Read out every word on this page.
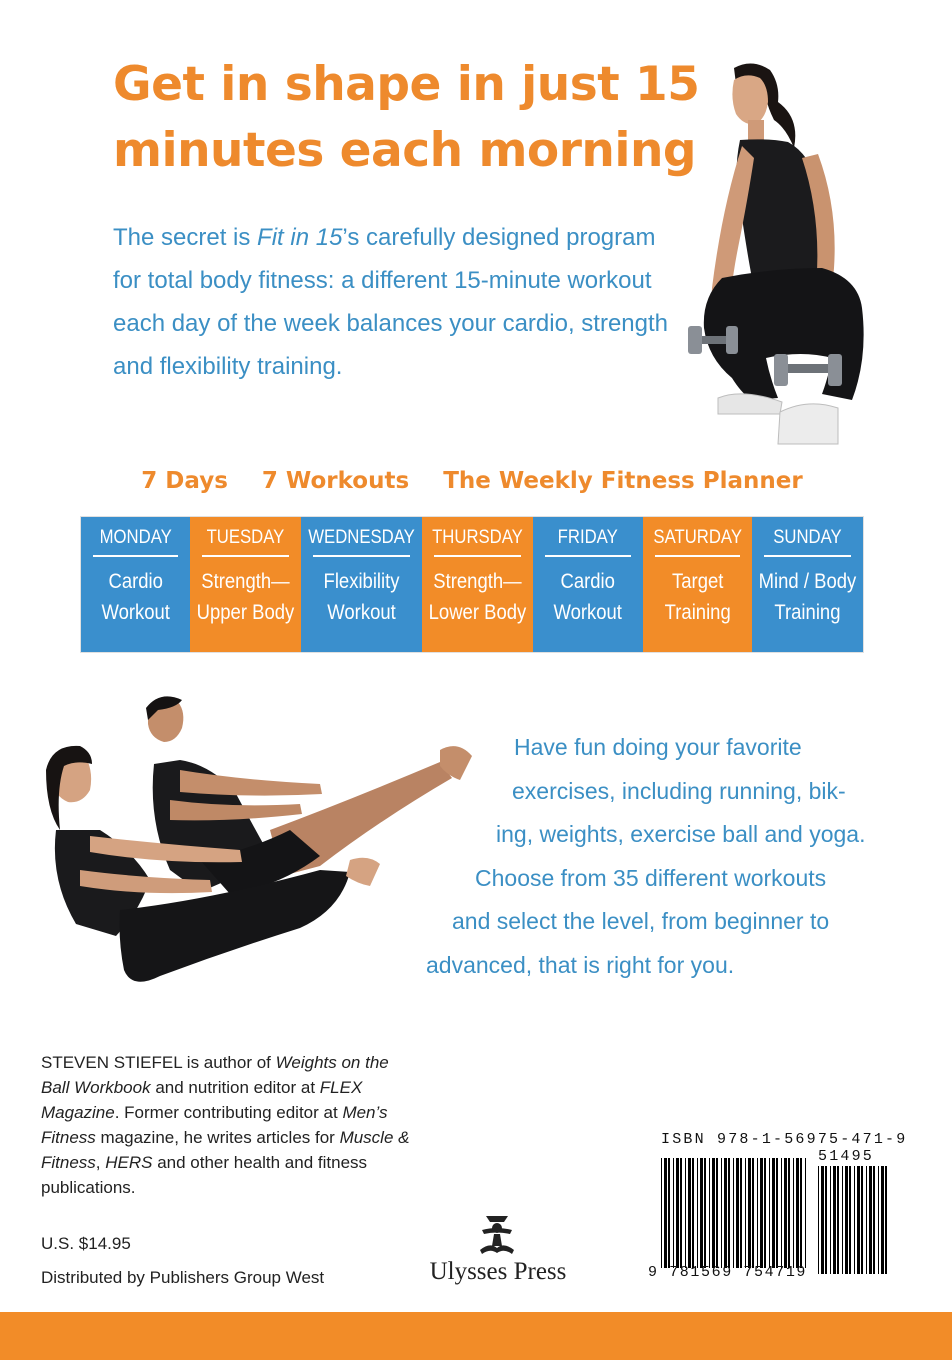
Get in shape in just 15
minutes each morning
The secret is Fit in 15’s carefully designed program for total body fitness: a different 15-minute workout each day of the week balances your cardio, strength and flexibility training.
7 Days 7 Workouts The Weekly Fitness Planner
MONDAY
Cardio
Workout
TUESDAY
Strength—
Upper Body
WEDNESDAY
Flexibility
Workout
THURSDAY
Strength—
Lower Body
FRIDAY
Cardio
Workout
SATURDAY
Target
Training
SUNDAY
Mind / Body
Training
Have fun doing your favorite
exercises, including running, bik-
ing, weights, exercise ball and yoga.
Choose from 35 different workouts
and select the level, from beginner to
advanced, that is right for you.
STEVEN STIEFEL is author of Weights on the Ball Workbook and nutrition editor at FLEX Magazine. Former contributing editor at Men’s Fitness magazine, he writes articles for Muscle & Fitness, HERS and other health and fitness publications.
U.S. $14.95
Distributed by Publishers Group West	Ulysses Press
ISBN 978-1-56975-471-9
51495
9 781569 754719
